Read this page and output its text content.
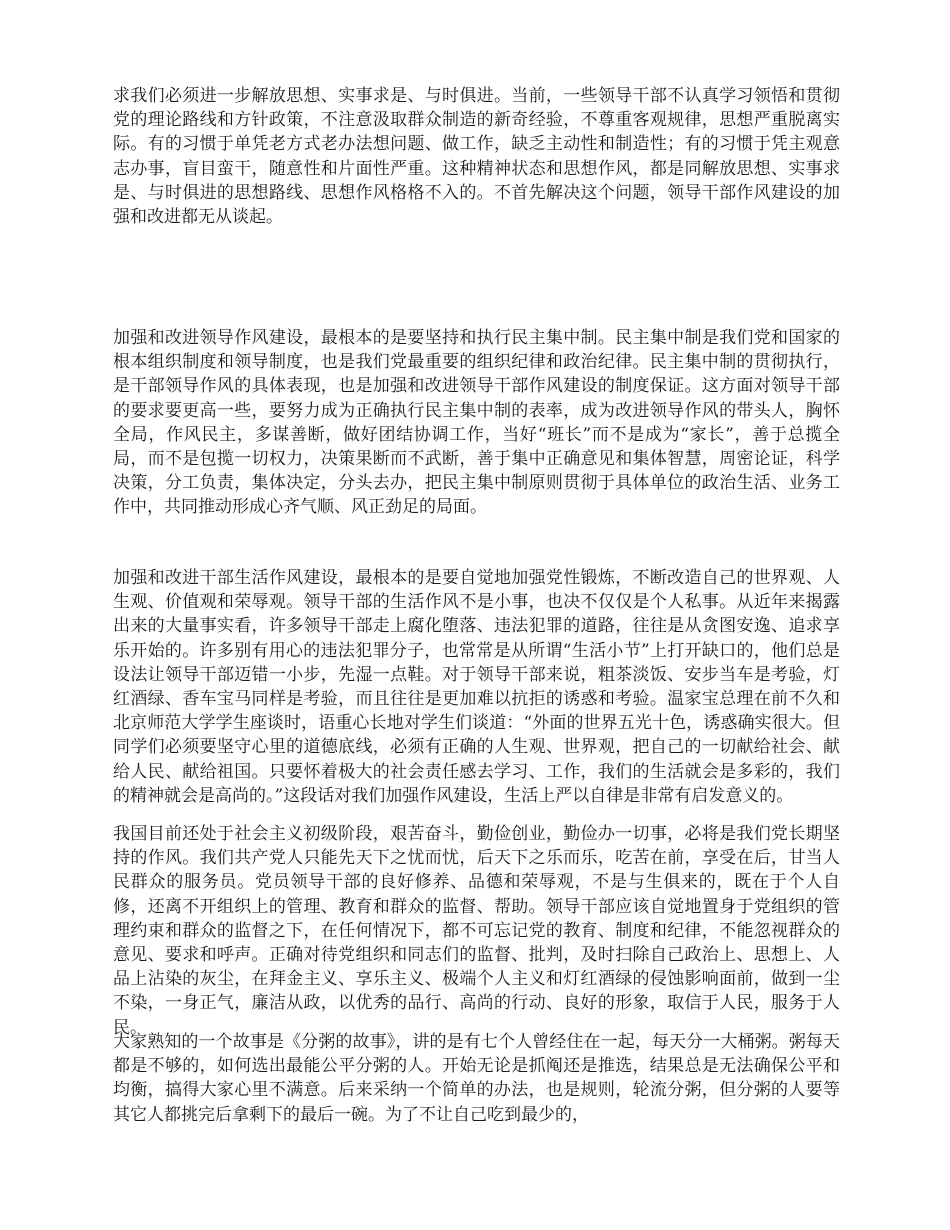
求我们必须进一步解放思想、实事求是、与时俱进。当前，一些领导干部不认真学习领悟和贯彻党的理论路线和方针政策，不注意汲取群众制造的新奇经验，不尊重客观规律，思想严重脱离实际。有的习惯于单凭老方式老办法想问题、做工作，缺乏主动性和制造性；有的习惯于凭主观意志办事，盲目蛮干，随意性和片面性严重。这种精神状态和思想作风，都是同解放思想、实事求是、与时俱进的思想路线、思想作风格格不入的。不首先解决这个问题，领导干部作风建设的加强和改进都无从谈起。

加强和改进领导作风建设，最根本的是要坚持和执行民主集中制。民主集中制是我们党和国家的根本组织制度和领导制度，也是我们党最重要的组织纪律和政治纪律。民主集中制的贯彻执行，是干部领导作风的具体表现，也是加强和改进领导干部作风建设的制度保证。这方面对领导干部的要求要更高一些，要努力成为正确执行民主集中制的表率，成为改进领导作风的带头人，胸怀全局，作风民主，多谋善断，做好团结协调工作，当好“班长”而不是成为“家长”，善于总揽全局，而不是包揽一切权力，决策果断而不武断，善于集中正确意见和集体智慧，周密论证，科学决策，分工负责，集体决定，分头去办，把民主集中制原则贯彻于具体单位的政治生活、业务工作中，共同推动形成心齐气顺、风正劲足的局面。

加强和改进干部生活作风建设，最根本的是要自觉地加强党性锻炼，不断改造自己的世界观、人生观、价值观和荣辱观。领导干部的生活作风不是小事，也决不仅仅是个人私事。从近年来揭露出来的大量事实看，许多领导干部走上腐化堕落、违法犯罪的道路，往往是从贪图安逸、追求享乐开始的。许多别有用心的违法犯罪分子，也常常是从所谓“生活小节”上打开缺口的，他们总是设法让领导干部迈错一小步，先湿一点鞋。对于领导干部来说，粗茶淡饭、安步当车是考验，灯红酒绿、香车宝马同样是考验，而且往往是更加难以抗拒的诱惑和考验。温家宝总理在前不久和北京师范大学学生座谈时，语重心长地对学生们谈道：“外面的世界五光十色，诱惑确实很大。但同学们必须要坚守心里的道德底线，必须有正确的人生观、世界观，把自己的一切献给社会、献给人民、献给祖国。只要怀着极大的社会责任感去学习、工作，我们的生活就会是多彩的，我们的精神就会是高尚的。”这段话对我们加强作风建设，生活上严以自律是非常有启发意义的。

我国目前还处于社会主义初级阶段，艰苦奋斗，勤俭创业，勤俭办一切事，必将是我们党长期坚持的作风。我们共产党人只能先天下之忧而忧，后天下之乐而乐，吃苦在前，享受在后，甘当人民群众的服务员。党员领导干部的良好修养、品德和荣辱观，不是与生俱来的，既在于个人自修，还离不开组织上的管理、教育和群众的监督、帮助。领导干部应该自觉地置身于党组织的管理约束和群众的监督之下，在任何情况下，都不可忘记党的教育、制度和纪律，不能忽视群众的意见、要求和呼声。正确对待党组织和同志们的监督、批判，及时扫除自己政治上、思想上、人品上沾染的灰尘，在拜金主义、享乐主义、极端个人主义和灯红酒绿的侵蚀影响面前，做到一尘不染，一身正气，廉洁从政，以优秀的品行、高尚的行动、良好的形象，取信于人民，服务于人民。

大家熟知的一个故事是《分粥的故事》，讲的是有七个人曾经住在一起，每天分一大桶粥。粥每天都是不够的，如何选出最能公平分粥的人。开始无论是抓阄还是推选，结果总是无法确保公平和均衡，搞得大家心里不满意。后来采纳一个简单的办法，也是规则，轮流分粥，但分粥的人要等其它人都挑完后拿剩下的最后一碗。为了不让自己吃到最少的，
